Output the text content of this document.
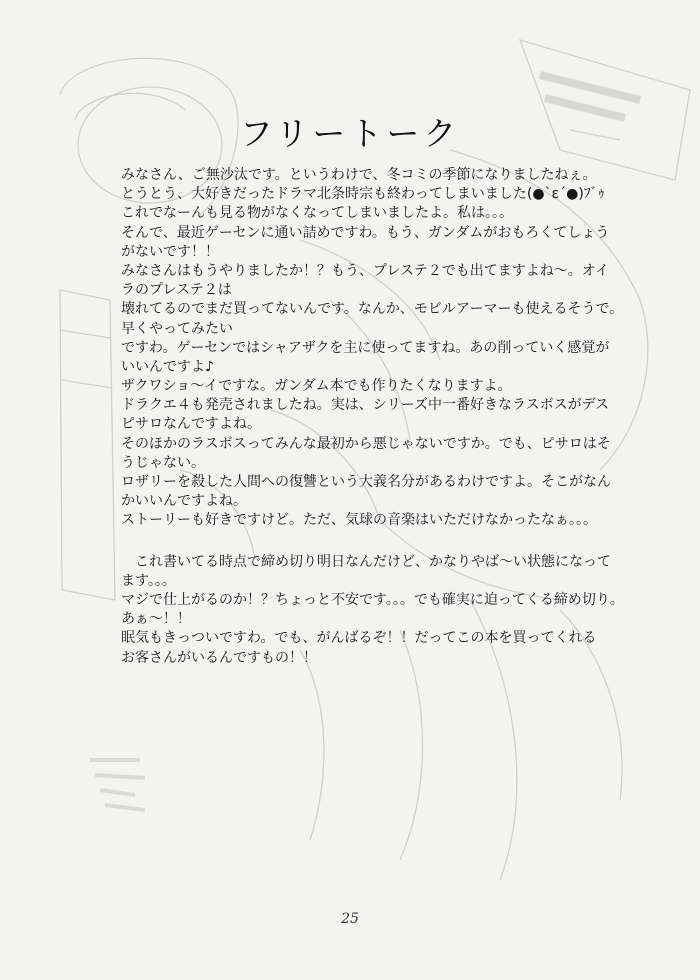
フリートーク
みなさん、ご無沙汰です。というわけで、冬コミの季節になりましたねぇ。
とうとう、大好きだったドラマ北条時宗も終わってしまいました(●`ε´●)ﾌﾞｩ
これでなーんも見る物がなくなってしまいましたよ。私は。。。
そんで、最近ゲーセンに通い詰めですわ。もう、ガンダムがおもろくてしょう
がないです！！
みなさんはもうやりましたか！？もう、プレステ２でも出てますよね～。オイ
ラのプレステ２は
壊れてるのでまだ買ってないんです。なんか、モビルアーマーも使えるそうで。
早くやってみたい
ですわ。ゲーセンではシャアザクを主に使ってますね。あの削っていく感覚が
いいんですよ♪
ザクワショ～イですな。ガンダム本でも作りたくなりますよ。
ドラクエ４も発売されましたね。実は、シリーズ中一番好きなラスボスがデス
ピサロなんですよね。
そのほかのラスボスってみんな最初から悪じゃないですか。でも、ピサロはそ
うじゃない。
ロザリーを殺した人間への復讐という大義名分があるわけですよ。そこがなん
かいいんですよね。
ストーリーも好きですけど。ただ、気球の音楽はいただけなかったなぁ。。。
これ書いてる時点で締め切り明日なんだけど、かなりやば～い状態になって
ます。。。
マジで仕上がるのか！？ちょっと不安です。。。でも確実に迫ってくる締め切り。
あぁ～！！
眠気もきっついですわ。でも、がんばるぞ！！だってこの本を買ってくれる
お客さんがいるんですもの！！
25
